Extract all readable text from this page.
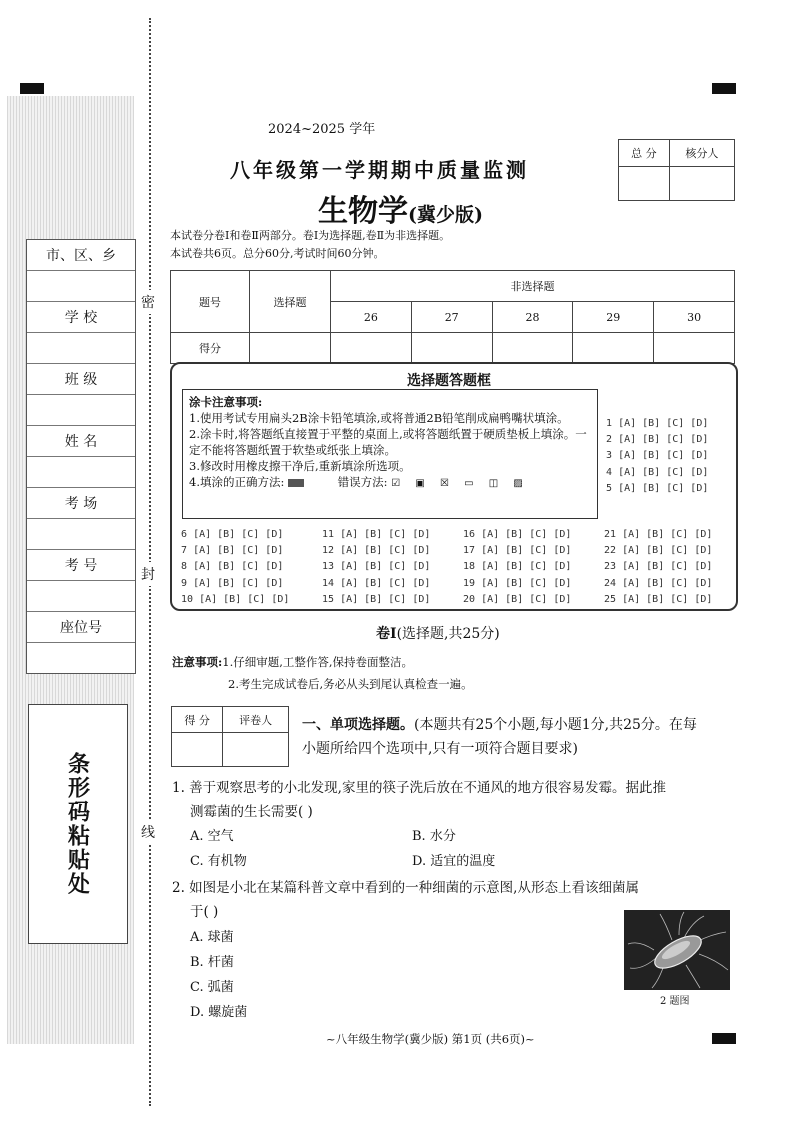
市、区、乡
学 校
班 级
姓 名
考 场
考 号
座位号
条形码粘贴处
密
封
线
2024~2025 学年
八年级第一学期期中质量监测
生物学(冀少版)
本试卷分卷Ⅰ和卷Ⅱ两部分。卷Ⅰ为选择题,卷Ⅱ为非选择题。
本试卷共6页。总分60分,考试时间60分钟。
总 分	核分人

题号	选择题	非选择题				
		26	27	28	29	30
得分						
选择题答题框
涂卡注意事项:
1.使用考试专用扁头2B涂卡铅笔填涂,或将普通2B铅笔削成扁鸭嘴状填涂。
2.涂卡时,将答题纸直接置于平整的桌面上,或将答题纸置于硬质垫板上填涂。一定不能将答题纸置于软垫或纸张上填涂。
3.修改时用橡皮擦干净后,重新填涂所选项。
4.填涂的正确方法:	错误方法: ☑ ▣ ☒ ▭ ◫ ▨
1 [A] [B] [C] [D]
2 [A] [B] [C] [D]
3 [A] [B] [C] [D]
4 [A] [B] [C] [D]
5 [A] [B] [C] [D]
6 [A] [B] [C] [D]	11 [A] [B] [C] [D]	16 [A] [B] [C] [D]	21 [A] [B] [C] [D]
7 [A] [B] [C] [D]	12 [A] [B] [C] [D]	17 [A] [B] [C] [D]	22 [A] [B] [C] [D]
8 [A] [B] [C] [D]	13 [A] [B] [C] [D]	18 [A] [B] [C] [D]	23 [A] [B] [C] [D]
9 [A] [B] [C] [D]	14 [A] [B] [C] [D]	19 [A] [B] [C] [D]	24 [A] [B] [C] [D]
10 [A] [B] [C] [D]	15 [A] [B] [C] [D]	20 [A] [B] [C] [D]	25 [A] [B] [C] [D]
卷Ⅰ(选择题,共25分)
注意事项:1.仔细审题,工整作答,保持卷面整洁。
2.考生完成试卷后,务必从头到尾认真检查一遍。
得 分	评卷人
	一、单项选择题。(本题共有25个小题,每小题1分,共25分。在每
小题所给四个选项中,只有一项符合题目要求)
1. 善于观察思考的小北发现,家里的筷子洗后放在不通风的地方很容易发霉。据此推
测霉菌的生长需要( )
A. 空气	B. 水分
C. 有机物	D. 适宜的温度
2. 如图是小北在某篇科普文章中看到的一种细菌的示意图,从形态上看该细菌属
于( )
A. 球菌
B. 杆菌
C. 弧菌
D. 螺旋菌
2 题图
~八年级生物学(冀少版) 第1页 (共6页)~
